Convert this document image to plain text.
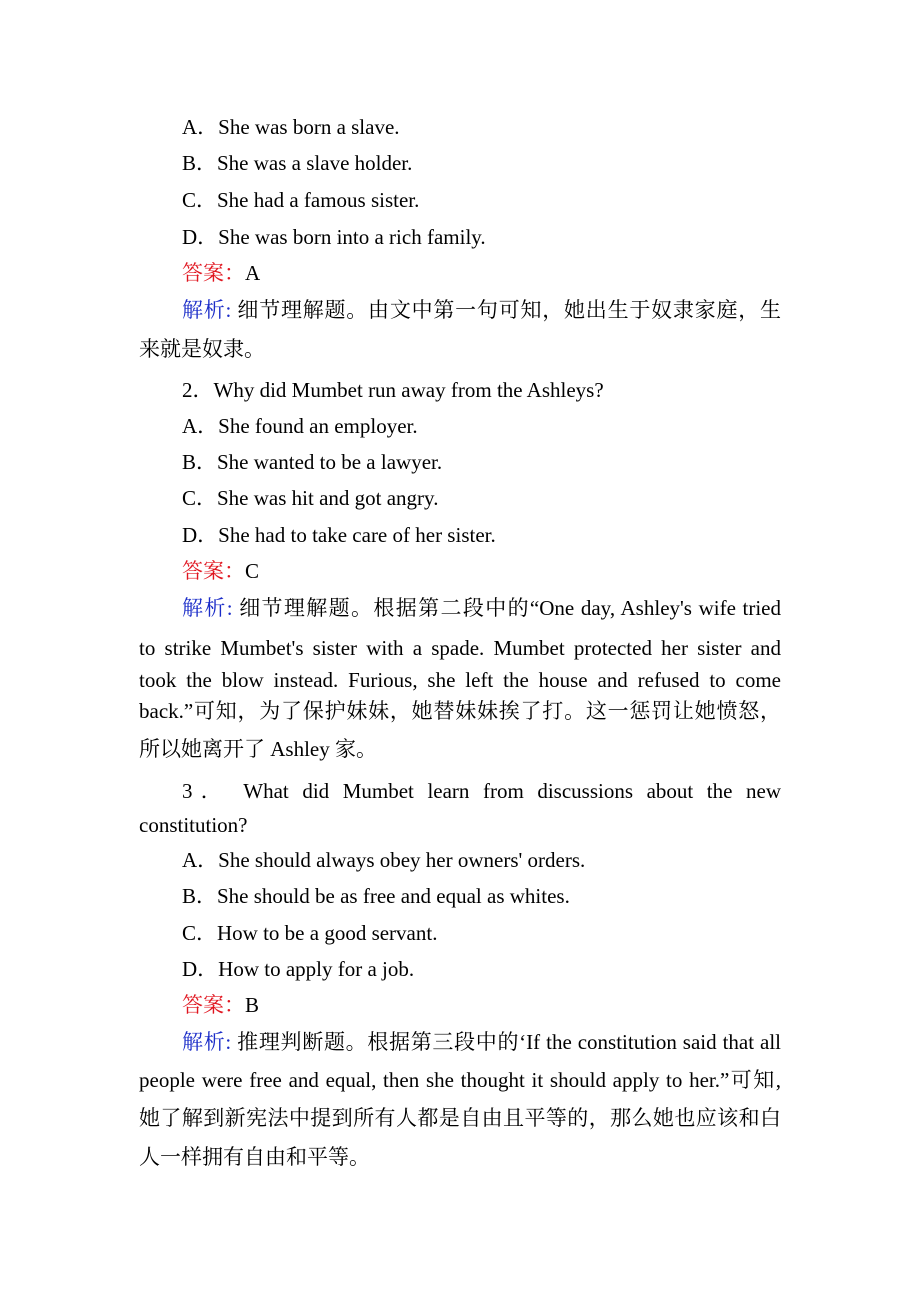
A．She was born a slave.
B．She was a slave holder.
C．She had a famous sister.
D．She was born into a rich family.
答案：A
解析: 细节理解题。由文中第一句可知，她出生于奴隶家庭，生
来就是奴隶。
2．Why did Mumbet run away from the Ashleys?
A．She found an employer.
B．She wanted to be a lawyer.
C．She was hit and got angry.
D．She had to take care of her sister.
答案：C
解析: 细节理解题。根据第二段中的“One day, Ashley's wife tried
to strike Mumbet's sister with a spade. Mumbet protected her sister and
took the blow instead. Furious, she left the house and refused to come
back.”可知，为了保护妹妹，她替妹妹挨了打。这一惩罚让她愤怒，
所以她离开了 Ashley 家。
3． What did Mumbet learn from discussions about the new
constitution?
A．She should always obey her owners' orders.
B．She should be as free and equal as whites.
C．How to be a good servant.
D．How to apply for a job.
答案：B
解析: 推理判断题。根据第三段中的‘If the constitution said that all
people were free and equal, then she thought it should apply to her.”可知,
她了解到新宪法中提到所有人都是自由且平等的，那么她也应该和白
人一样拥有自由和平等。
